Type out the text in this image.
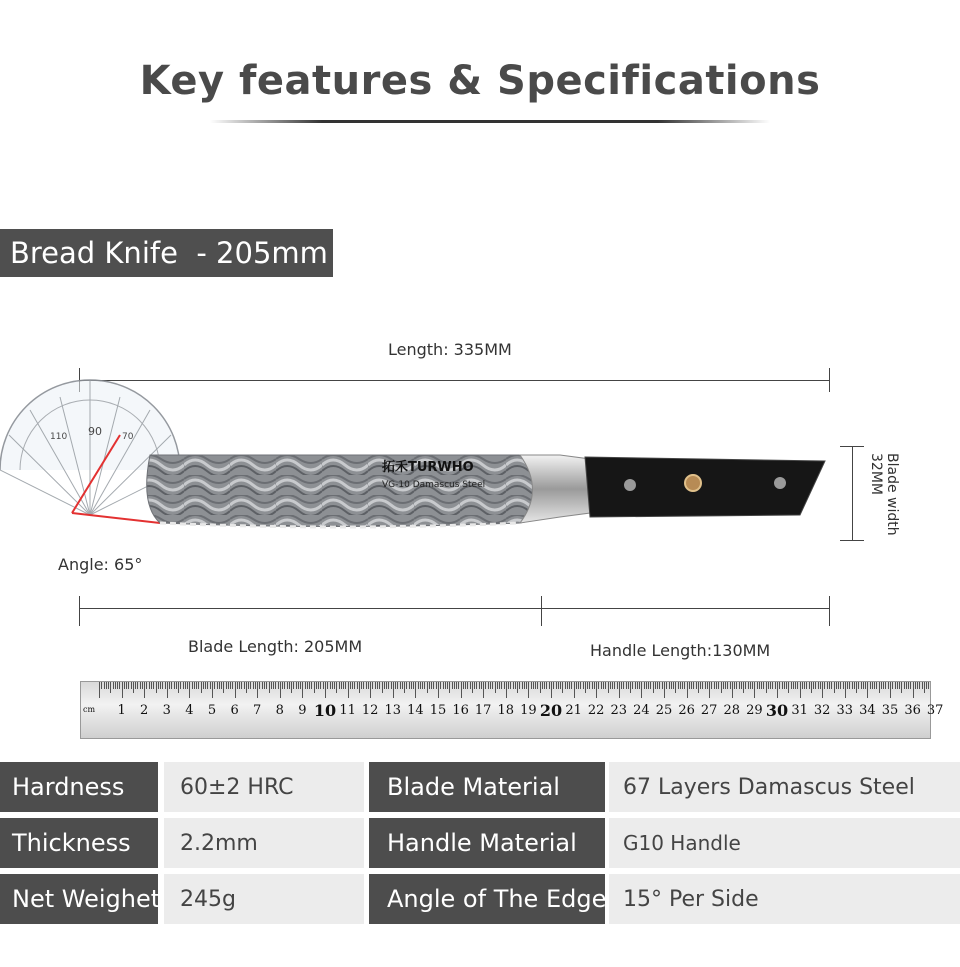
Key features & Specifications
Bread Knife  - 205mm
Length: 335MM
Blade width
32MM
90
110	70
拓禾TURWHO
VG-10 Damascus Steel
Angle: 65°
Blade Length: 205MM	Handle Length:130MM
cm 1 2 3 4 5 6 7 8 9 10 11 12 13 14 15 16 17 18 19 20 21 22 23 24 25 26 27 28 29 30 31 32 33 34 35 36 37
Hardness	60±2 HRC	Blade Material	67 Layers Damascus Steel
Thickness	2.2mm	Handle Material	G10 Handle
Net Weighet 245g	Angle of The Edge 15° Per Side
